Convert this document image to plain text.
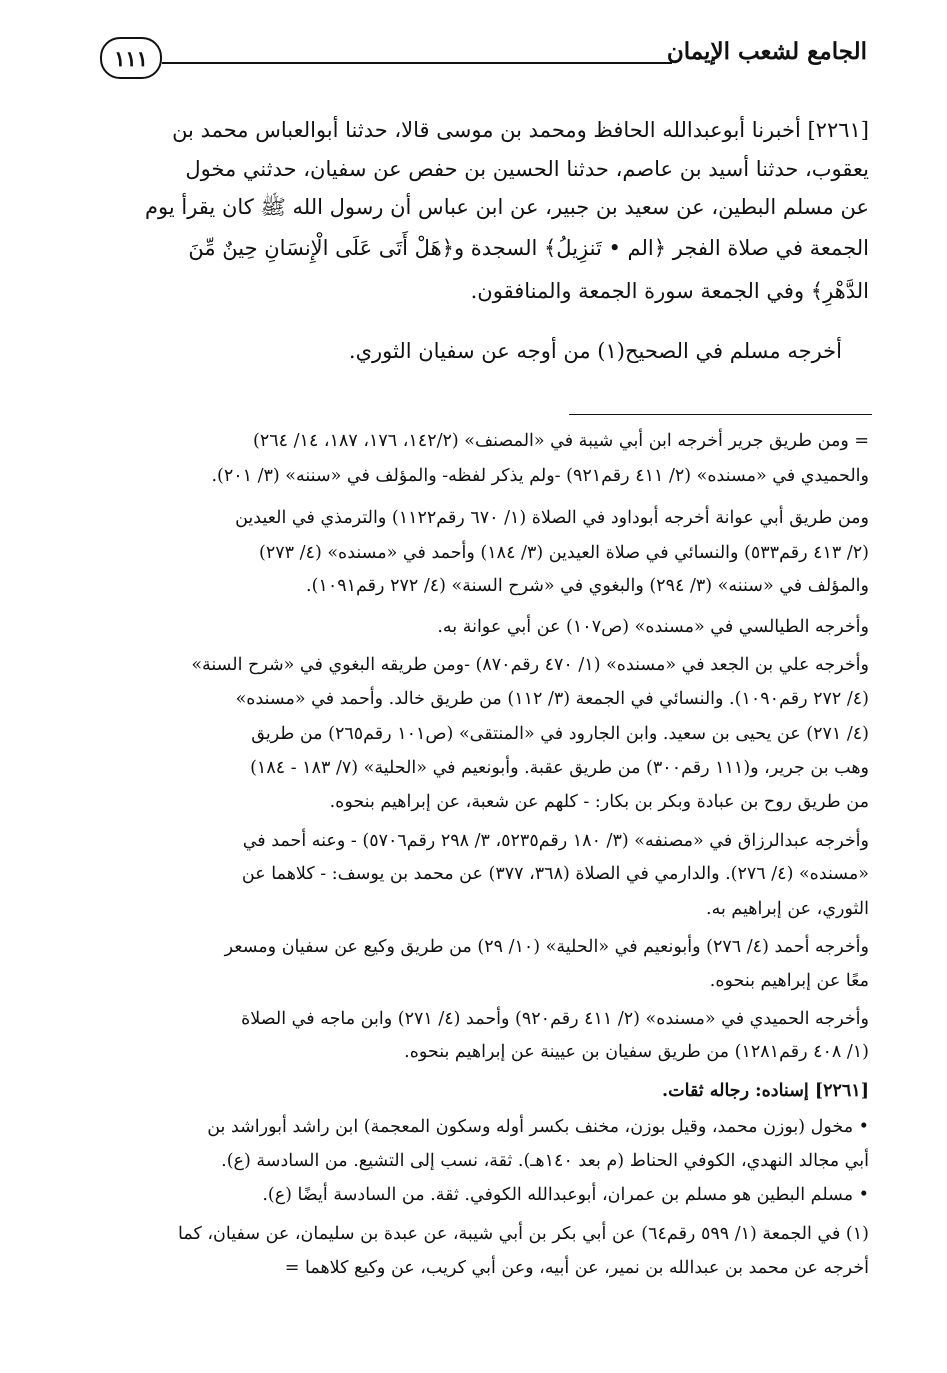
الجامع لشعب الإيمان
١١١
[٢٢٦١] أخبرنا أبوعبدالله الحافظ ومحمد بن موسى قالا، حدثنا أبوالعباس محمد بن
يعقوب، حدثنا أسيد بن عاصم، حدثنا الحسين بن حفص عن سفيان، حدثني مخول
عن مسلم البطين، عن سعيد بن جبير، عن ابن عباس أن رسول الله ﷺ كان يقرأ يوم
الجمعة في صلاة الفجر ﴿الم • تَنزِيلُ﴾ السجدة و﴿هَلْ أَتَى عَلَى الْإِنسَانِ حِينٌ مِّنَ
الدَّهْرِ﴾ وفي الجمعة سورة الجمعة والمنافقون.
أخرجه مسلم في الصحيح(١) من أوجه عن سفيان الثوري.
= ومن طريق جرير أخرجه ابن أبي شيبة في «المصنف» (١٤٢/٢، ١٧٦، ١٨٧، ١٤/ ٢٦٤)
والحميدي في «مسنده» (٢/ ٤١١ رقم٩٢١) -ولم يذكر لفظه- والمؤلف في «سننه» (٣/ ٢٠١).
ومن طريق أبي عوانة أخرجه أبوداود في الصلاة (١/ ٦٧٠ رقم١١٢٢) والترمذي في العيدين
(٢/ ٤١٣ رقم٥٣٣) والنسائي في صلاة العيدين (٣/ ١٨٤) وأحمد في «مسنده» (٤/ ٢٧٣)
والمؤلف في «سننه» (٣/ ٢٩٤) والبغوي في «شرح السنة» (٤/ ٢٧٢ رقم١٠٩١).
وأخرجه الطيالسي في «مسنده» (ص١٠٧) عن أبي عوانة به.
وأخرجه علي بن الجعد في «مسنده» (١/ ٤٧٠ رقم٨٧٠) -ومن طريقه البغوي في «شرح السنة»
(٤/ ٢٧٢ رقم١٠٩٠). والنسائي في الجمعة (٣/ ١١٢) من طريق خالد. وأحمد في «مسنده»
(٤/ ٢٧١) عن يحيى بن سعيد. وابن الجارود في «المنتقى» (ص١٠١ رقم٢٦٥) من طريق
وهب بن جرير، و(١١١ رقم٣٠٠) من طريق عقبة. وأبونعيم في «الحلية» (٧/ ١٨٣ - ١٨٤)
من طريق روح بن عبادة وبكر بن بكار: - كلهم عن شعبة، عن إبراهيم بنحوه.
وأخرجه عبدالرزاق في «مصنفه» (٣/ ١٨٠ رقم٥٢٣٥، ٣/ ٢٩٨ رقم٥٧٠٦) - وعنه أحمد في
«مسنده» (٤/ ٢٧٦). والدارمي في الصلاة (٣٦٨، ٣٧٧) عن محمد بن يوسف: - كلاهما عن
الثوري، عن إبراهيم به.
وأخرجه أحمد (٤/ ٢٧٦) وأبونعيم في «الحلية» (١٠/ ٢٩) من طريق وكيع عن سفيان ومسعر
معًا عن إبراهيم بنحوه.
وأخرجه الحميدي في «مسنده» (٢/ ٤١١ رقم٩٢٠) وأحمد (٤/ ٢٧١) وابن ماجه في الصلاة
(١/ ٤٠٨ رقم١٢٨١) من طريق سفيان بن عيينة عن إبراهيم بنحوه.
[٢٢٦١] إسناده: رجاله ثقات.
• مخول (بوزن محمد، وقيل بوزن، مخنف بكسر أوله وسكون المعجمة) ابن راشد أبوراشد بن
أبي مجالد النهدي، الكوفي الحناط (م بعد ١٤٠هـ). ثقة، نسب إلى التشيع. من السادسة (ع).
• مسلم البطين هو مسلم بن عمران، أبوعبدالله الكوفي. ثقة. من السادسة أيضًا (ع).
(١) في الجمعة (١/ ٥٩٩ رقم٦٤) عن أبي بكر بن أبي شيبة، عن عبدة بن سليمان، عن سفيان، كما
أخرجه عن محمد بن عبدالله بن نمير، عن أبيه، وعن أبي كريب، عن وكيع كلاهما =
